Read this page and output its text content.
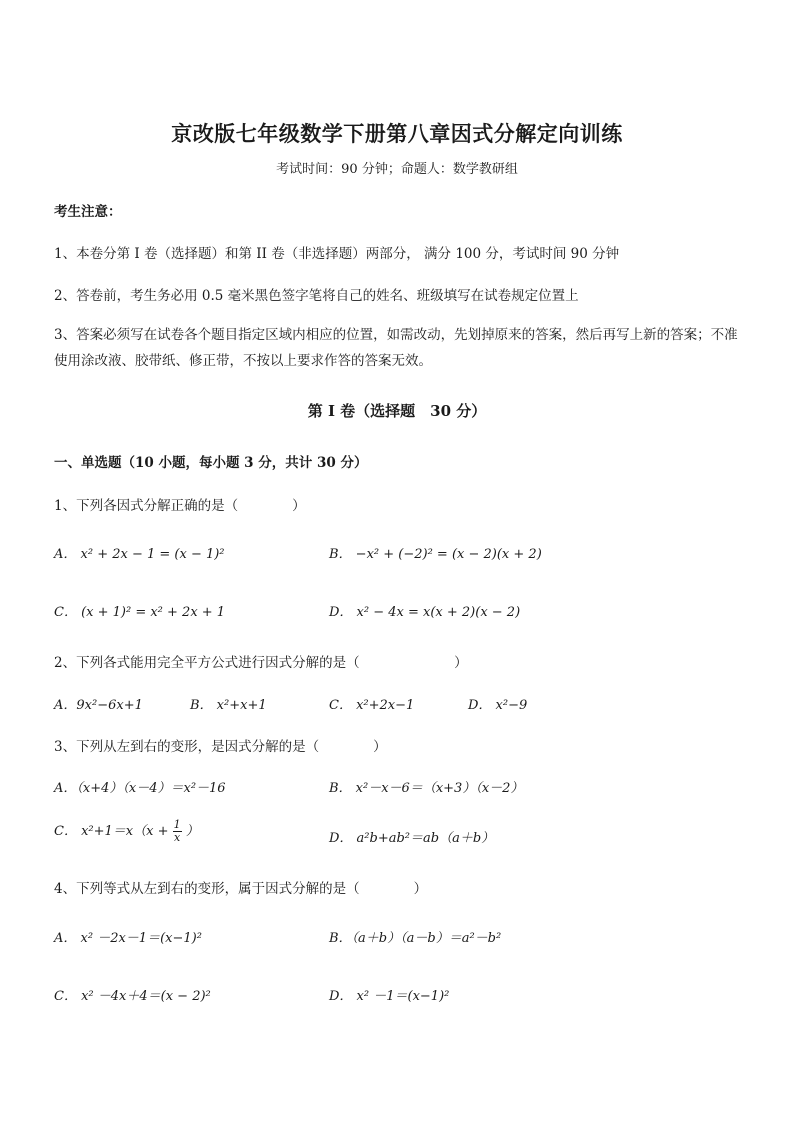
京改版七年级数学下册第八章因式分解定向训练
考试时间：90 分钟；命题人：数学教研组
考生注意：
1、本卷分第 I 卷（选择题）和第 II 卷（非选择题）两部分， 满分 100 分，考试时间 90 分钟
2、答卷前，考生务必用 0.5 毫米黑色签字笔将自己的姓名、班级填写在试卷规定位置上
3、答案必须写在试卷各个题目指定区域内相应的位置，如需改动，先划掉原来的答案，然后再写上新的答案；不准使用涂改液、胶带纸、修正带，不按以上要求作答的答案无效。
第 I 卷（选择题　30 分）
一、单选题（10 小题，每小题 3 分，共计 30 分）
1、下列各因式分解正确的是（　　　　）
A． x² + 2x − 1 = (x − 1)²	B． −x² + (−2)² = (x − 2)(x + 2)
C． (x + 1)² = x² + 2x + 1	D． x² − 4x = x(x + 2)(x − 2)
2、下列各式能用完全平方公式进行因式分解的是（　　　　　　　）
A．9x²−6x+1	B． x²+x+1	C． x²+2x−1	D． x²−9
3、下列从左到右的变形，是因式分解的是（　　　　）
A．（x+4）（x－4）＝x²－16	B． x²－x－6＝（x+3）（x－2）
C． $x^2+1=x(x + \frac{1}{x}$ ）	D． a²b+ab²＝ab（a＋b）
4、下列等式从左到右的变形，属于因式分解的是（　　　　）
A． x² －2x－1＝(x−1)²	B．（a＋b）（a－b）＝a²－b²
C． x² －4x＋4＝(x − 2)²	D． x² －1＝(x−1)²
